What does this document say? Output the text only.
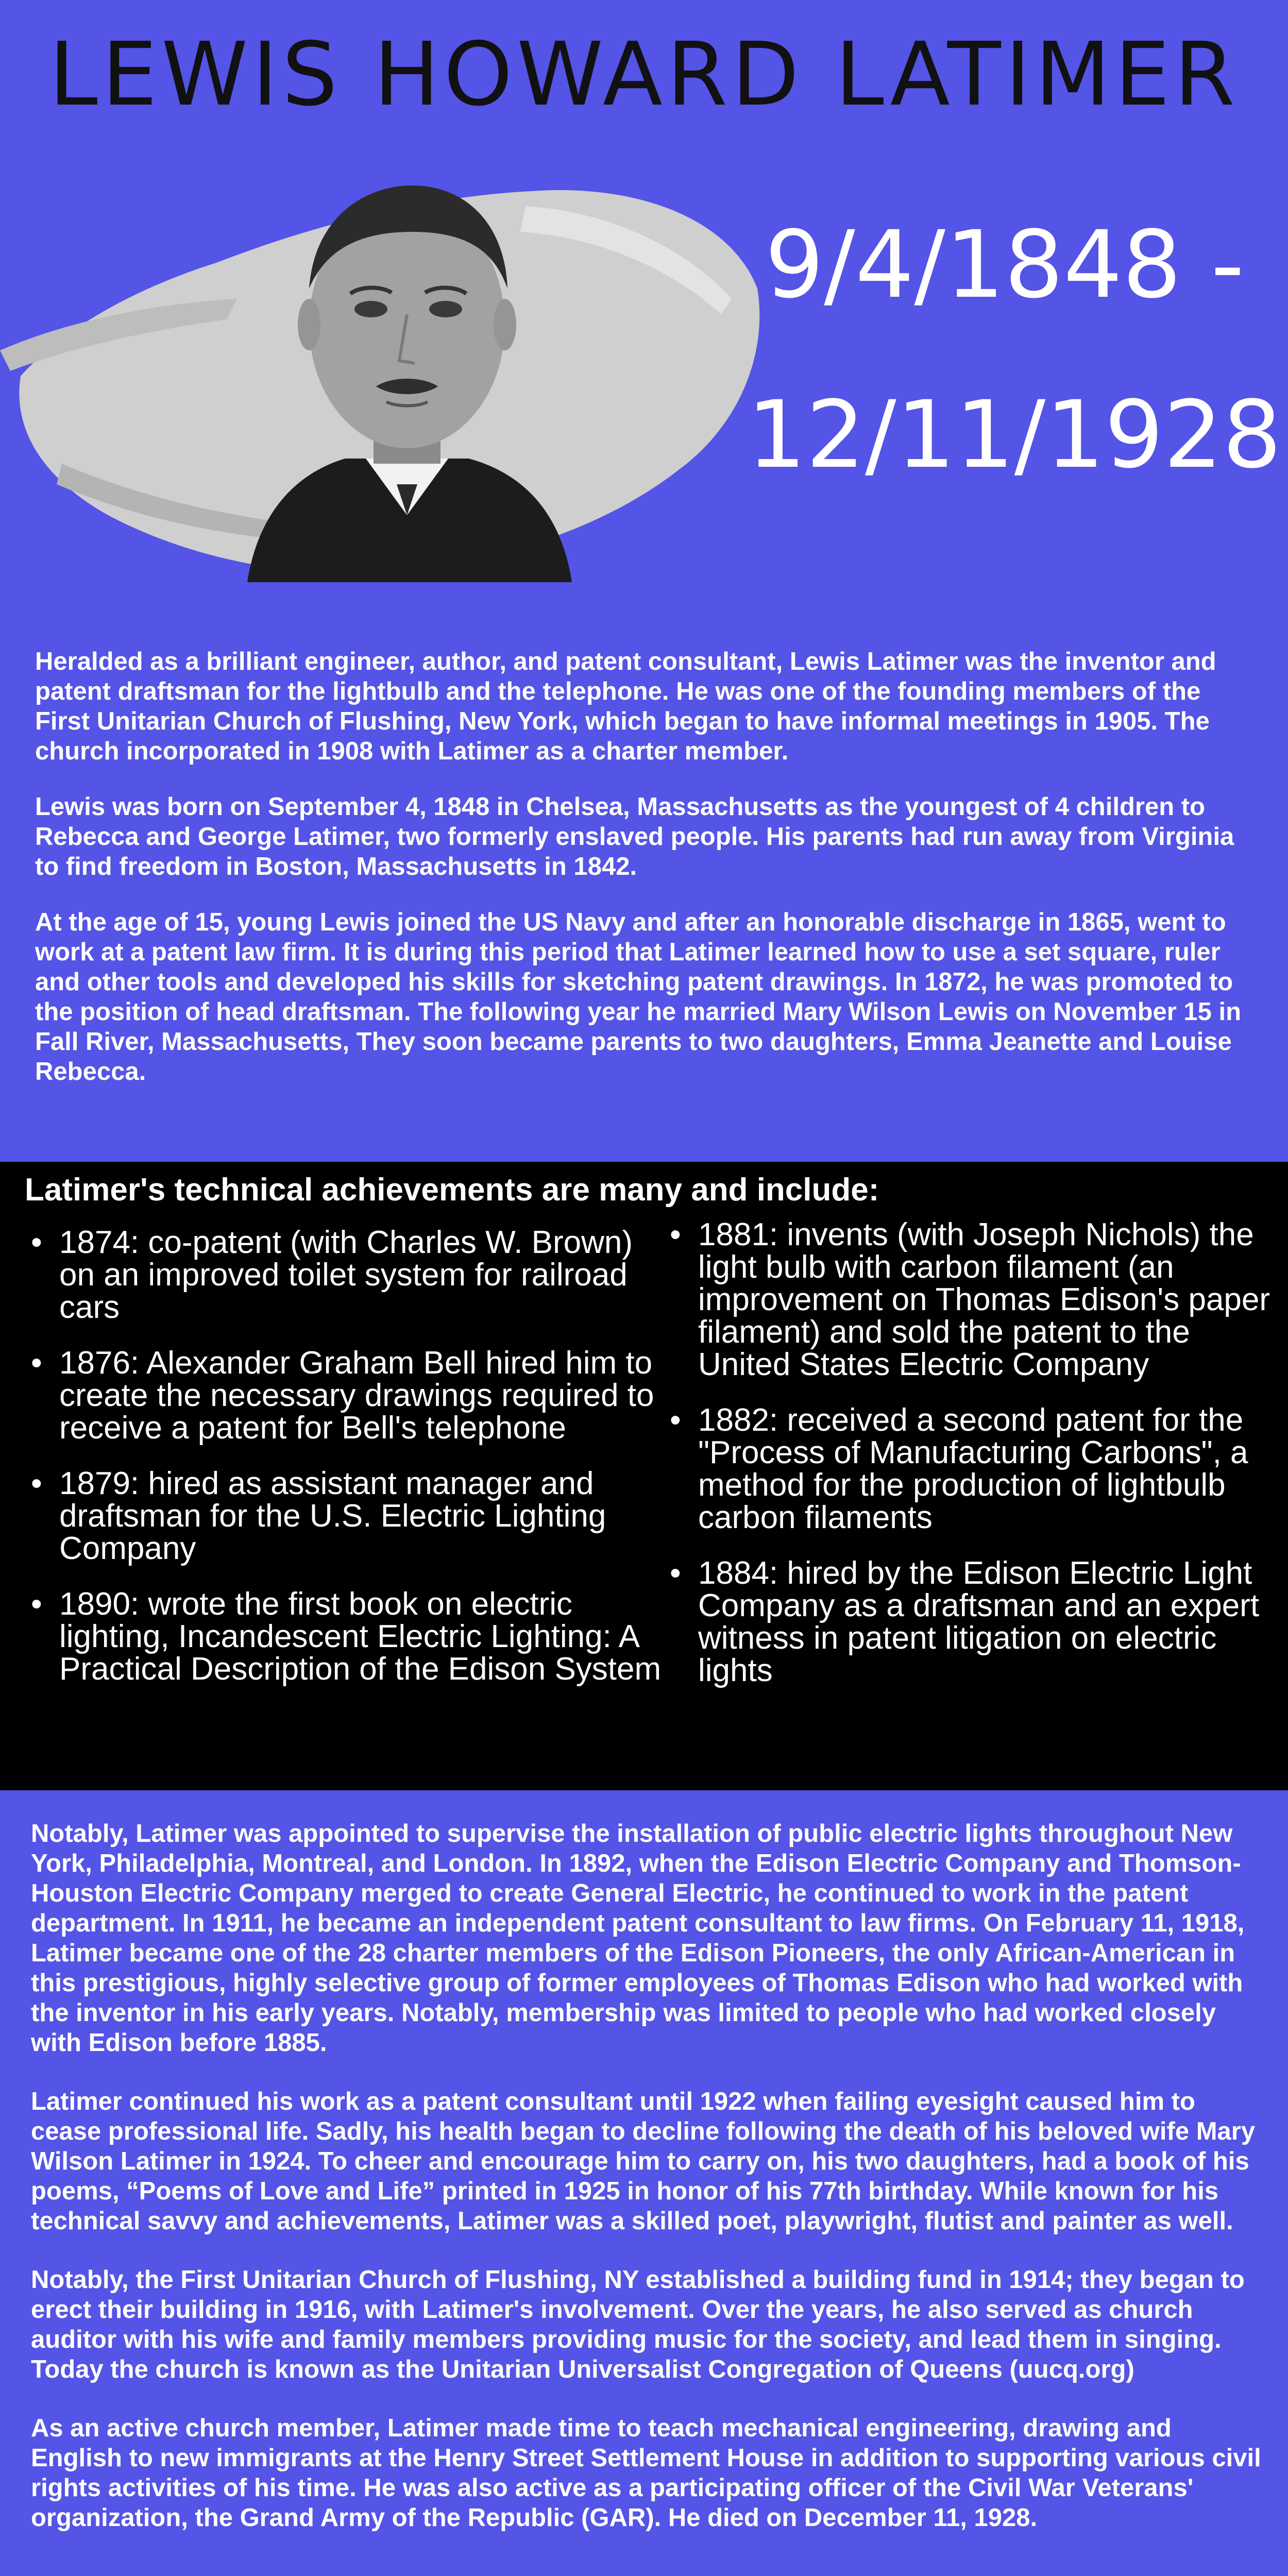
LEWIS HOWARD LATIMER
9/4/1848 -
12/11/1928

Heralded as a brilliant engineer, author, and patent consultant, Lewis Latimer was the inventor and patent draftsman for the lightbulb and the telephone. He was one of the founding members of the First Unitarian Church of Flushing, New York, which began to have informal meetings in 1905. The church incorporated in 1908 with Latimer as a charter member.

Lewis was born on September 4, 1848 in Chelsea, Massachusetts as the youngest of 4 children to Rebecca and George Latimer, two formerly enslaved people. His parents had run away from Virginia to find freedom in Boston, Massachusetts in 1842.

At the age of 15, young Lewis joined the US Navy and after an honorable discharge in 1865, went to work at a patent law firm. It is during this period that Latimer learned how to use a set square, ruler and other tools and developed his skills for sketching patent drawings. In 1872, he was promoted to the position of head draftsman. The following year he married Mary Wilson Lewis on November 15 in Fall River, Massachusetts, They soon became parents to two daughters, Emma Jeanette and Louise Rebecca.

Latimer's technical achievements are many and include:

• 1874: co-patent (with Charles W. Brown) on an improved toilet system for railroad cars

• 1876: Alexander Graham Bell hired him to create the necessary drawings required to receive a patent for Bell's telephone

• 1879: hired as assistant manager and draftsman for the U.S. Electric Lighting Company

• 1890: wrote the first book on electric lighting, Incandescent Electric Lighting: A Practical Description of the Edison System

• 1881: invents (with Joseph Nichols) the light bulb with carbon filament (an improvement on Thomas Edison's paper filament) and sold the patent to the United States Electric Company

• 1882: received a second patent for the "Process of Manufacturing Carbons", a method for the production of lightbulb carbon filaments

• 1884: hired by the Edison Electric Light Company as a draftsman and an expert witness in patent litigation on electric lights

Notably, Latimer was appointed to supervise the installation of public electric lights throughout New York, Philadelphia, Montreal, and London. In 1892, when the Edison Electric Company and Thomson-Houston Electric Company merged to create General Electric, he continued to work in the patent department. In 1911, he became an independent patent consultant to law firms. On February 11, 1918, Latimer became one of the 28 charter members of the Edison Pioneers, the only African-American in this prestigious, highly selective group of former employees of Thomas Edison who had worked with the inventor in his early years. Notably, membership was limited to people who had worked closely with Edison before 1885.

Latimer continued his work as a patent consultant until 1922 when failing eyesight caused him to cease professional life. Sadly, his health began to decline following the death of his beloved wife Mary Wilson Latimer in 1924. To cheer and encourage him to carry on, his two daughters, had a book of his poems, “Poems of Love and Life” printed in 1925 in honor of his 77th birthday. While known for his technical savvy and achievements, Latimer was a skilled poet, playwright, flutist and painter as well.

Notably, the First Unitarian Church of Flushing, NY established a building fund in 1914; they began to erect their building in 1916, with Latimer's involvement. Over the years, he also served as church auditor with his wife and family members providing music for the society, and lead them in singing. Today the church is known as the Unitarian Universalist Congregation of Queens (uucq.org)

As an active church member, Latimer made time to teach mechanical engineering, drawing and English to new immigrants at the Henry Street Settlement House in addition to supporting various civil rights activities of his time. He was also active as a participating officer of the Civil War Veterans' organization, the Grand Army of the Republic (GAR). He died on December 11, 1928.
